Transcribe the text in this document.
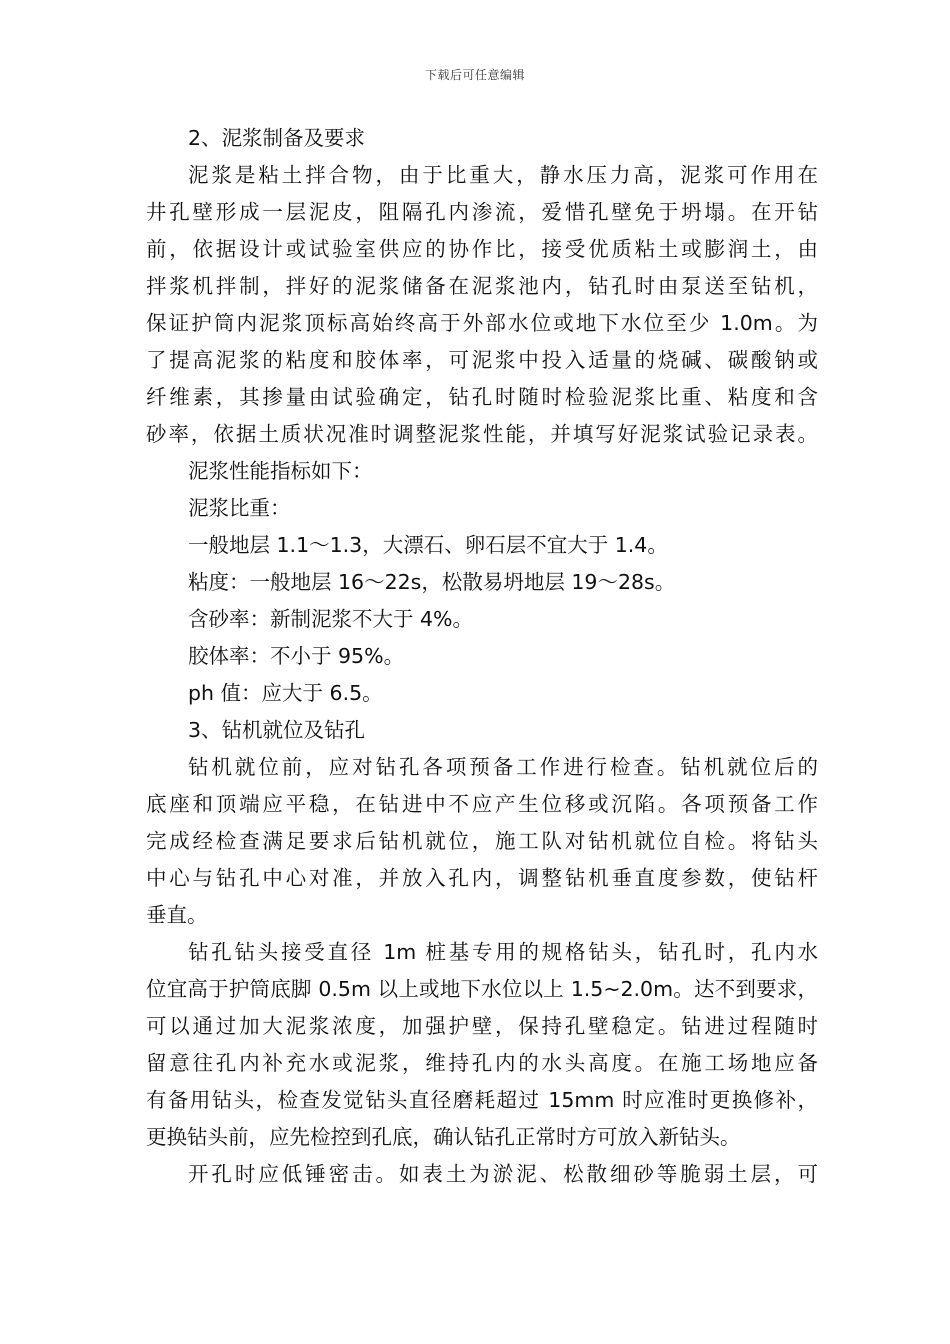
下载后可任意编辑
2、泥浆制备及要求
泥浆是粘土拌合物，由于比重大，静水压力高，泥浆可作用在
井孔壁形成一层泥皮，阻隔孔内渗流，爱惜孔壁免于坍塌。在开钻
前，依据设计或试验室供应的协作比，接受优质粘土或膨润土，由
拌浆机拌制，拌好的泥浆储备在泥浆池内，钻孔时由泵送至钻机，
保证护筒内泥浆顶标高始终高于外部水位或地下水位至少 1.0m。为
了提高泥浆的粘度和胶体率，可泥浆中投入适量的烧碱、碳酸钠或
纤维素，其掺量由试验确定，钻孔时随时检验泥浆比重、粘度和含
砂率，依据土质状况准时调整泥浆性能，并填写好泥浆试验记录表。
泥浆性能指标如下：
泥浆比重：
一般地层 1.1～1.3，大漂石、卵石层不宜大于 1.4。
粘度：一般地层 16～22s，松散易坍地层 19～28s。
含砂率：新制泥浆不大于 4%。
胶体率：不小于 95%。
ph 值：应大于 6.5。
3、钻机就位及钻孔
钻机就位前，应对钻孔各项预备工作进行检查。钻机就位后的
底座和顶端应平稳，在钻进中不应产生位移或沉陷。各项预备工作
完成经检查满足要求后钻机就位，施工队对钻机就位自检。将钻头
中心与钻孔中心对准，并放入孔内，调整钻机垂直度参数，使钻杆
垂直。
钻孔钻头接受直径 1m 桩基专用的规格钻头，钻孔时，孔内水
位宜高于护筒底脚 0.5m 以上或地下水位以上 1.5~2.0m。达不到要求，
可以通过加大泥浆浓度，加强护壁，保持孔壁稳定。钻进过程随时
留意往孔内补充水或泥浆，维持孔内的水头高度。在施工场地应备
有备用钻头，检查发觉钻头直径磨耗超过 15mm 时应准时更换修补，
更换钻头前，应先检控到孔底，确认钻孔正常时方可放入新钻头。
开孔时应低锤密击。如表土为淤泥、松散细砂等脆弱土层，可
